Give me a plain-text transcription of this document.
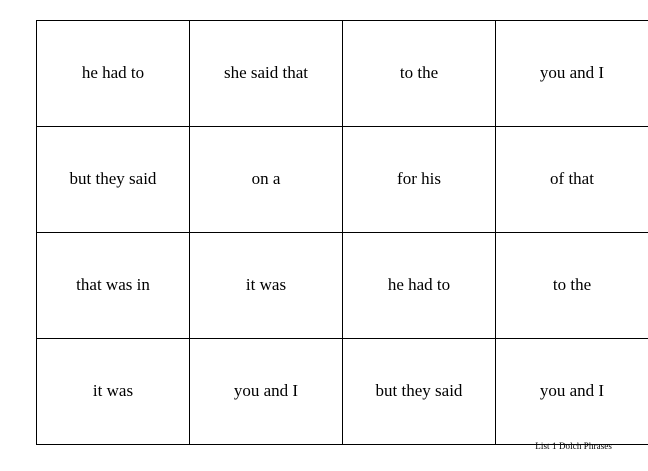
he had to	she said that	to the	you and I
but they said	on a	for his	of that
that was in	it was	he had to	to the
it was	you and I	but they said	you and I
List 1 Dolch Phrases
